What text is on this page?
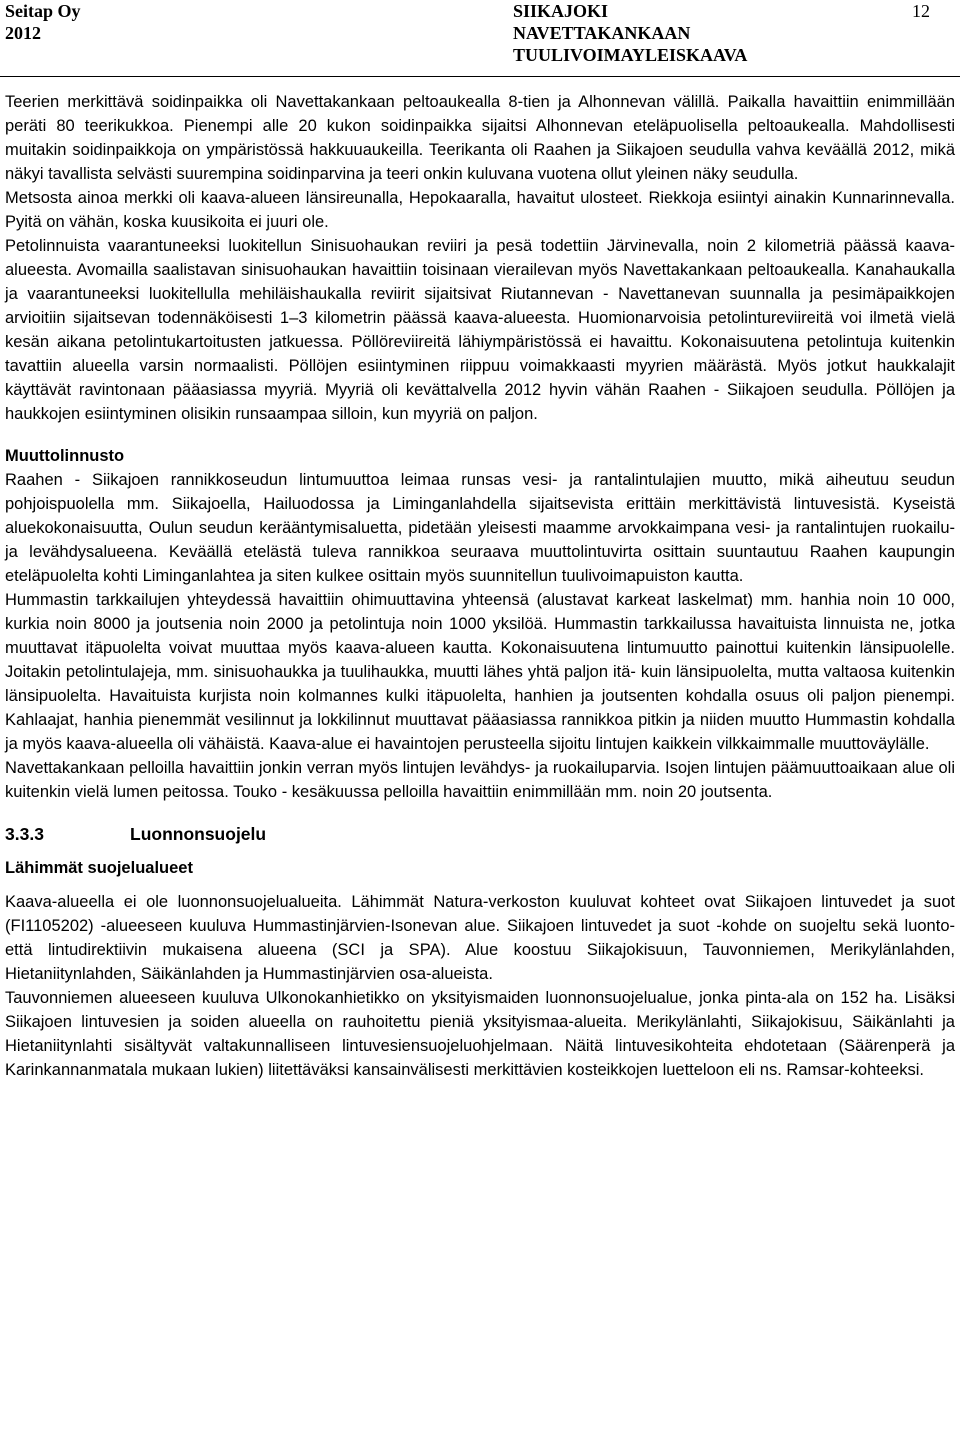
Seitap Oy
2012
SIIKAJOKI
NAVETTAKANKAAN
TUULIVOIMAYLEISKAAVA
12

Teerien merkittävä soidinpaikka oli Navettakankaan peltoaukealla 8-tien ja Alhonnevan välillä. Paikalla havaittiin enimmillään peräti 80 teerikukkoa. Pienempi alle 20 kukon soidinpaikka sijaitsi Alhonnevan eteläpuolisella peltoaukealla. Mahdollisesti muitakin soidinpaikkoja on ympäristössä hakkuuaukeilla. Teerikanta oli Raahen ja Siikajoen seudulla vahva keväällä 2012, mikä näkyi tavallista selvästi suurempina soidinparvina ja teeri onkin kuluvana vuotena ollut yleinen näky seudulla.

Metsosta ainoa merkki oli kaava-alueen länsireunalla, Hepokaaralla, havaitut ulosteet. Riekkoja esiintyi ainakin Kunnarinnevalla. Pyitä on vähän, koska kuusikoita ei juuri ole.

Petolinnuista vaarantuneeksi luokitellun Sinisuohaukan reviiri ja pesä todettiin Järvinevalla, noin 2 kilometriä päässä kaava-alueesta. Avomailla saalistavan sinisuohaukan havaittiin toisinaan vierailevan myös Navettakankaan peltoaukealla. Kanahaukalla ja vaarantuneeksi luokitellulla mehiläishaukalla reviirit sijaitsivat Riutannevan - Navettanevan suunnalla ja pesimäpaikkojen arvioitiin sijaitsevan todennäköisesti 1–3 kilometrin päässä kaava-alueesta. Huomionarvoisia petolintureviireitä voi ilmetä vielä kesän aikana petolintukartoitusten jatkuessa. Pöllöreviireitä lähiympäristössä ei havaittu. Kokonaisuutena petolintuja kuitenkin tavattiin alueella varsin normaalisti. Pöllöjen esiintyminen riippuu voimakkaasti myyrien määrästä. Myös jotkut haukkalajit käyttävät ravintonaan pääasiassa myyriä. Myyriä oli kevättalvella 2012 hyvin vähän Raahen - Siikajoen seudulla. Pöllöjen ja haukkojen esiintyminen olisikin runsaampaa silloin, kun myyriä on paljon.

Muuttolinnusto

Raahen - Siikajoen rannikkoseudun lintumuuttoa leimaa runsas vesi- ja rantalintulajien muutto, mikä aiheutuu seudun pohjoispuolella mm. Siikajoella, Hailuodossa ja Liminganlahdella sijaitsevista erittäin merkittävistä lintuvesistä. Kyseistä aluekokonaisuutta, Oulun seudun kerääntymisaluetta, pidetään yleisesti maamme arvokkaimpana vesi- ja rantalintujen ruokailu- ja levähdysalueena. Keväällä etelästä tuleva rannikkoa seuraava muuttolintuvirta osittain suuntautuu Raahen kaupungin eteläpuolelta kohti Liminganlahtea ja siten kulkee osittain myös suunnitellun tuulivoimapuiston kautta.

Hummastin tarkkailujen yhteydessä havaittiin ohimuuttavina yhteensä (alustavat karkeat laskelmat) mm. hanhia noin 10 000, kurkia noin 8000 ja joutsenia noin 2000 ja petolintuja noin 1000 yksilöä. Hummastin tarkkailussa havaituista linnuista ne, jotka muuttavat itäpuolelta voivat muuttaa myös kaava-alueen kautta. Kokonaisuutena lintumuutto painottui kuitenkin länsipuolelle. Joitakin petolintulajeja, mm. sinisuohaukka ja tuulihaukka, muutti lähes yhtä paljon itä- kuin länsipuolelta, mutta valtaosa kuitenkin länsipuolelta. Havaituista kurjista noin kolmannes kulki itäpuolelta, hanhien ja joutsenten kohdalla osuus oli paljon pienempi. Kahlaajat, hanhia pienemmät vesilinnut ja lokkilinnut muuttavat pääasiassa rannikkoa pitkin ja niiden muutto Hummastin kohdalla ja myös kaava-alueella oli vähäistä. Kaava-alue ei havaintojen perusteella sijoitu lintujen kaikkein vilkkaimmalle muuttoväylälle.

Navettakankaan pelloilla havaittiin jonkin verran myös lintujen levähdys- ja ruokailuparvia. Isojen lintujen päämuuttoaikaan alue oli kuitenkin vielä lumen peitossa. Touko - kesäkuussa pelloilla havaittiin enimmillään mm. noin 20 joutsenta.

3.3.3	Luonnonsuojelu

Lähimmät suojelualueet

Kaava-alueella ei ole luonnonsuojelualueita. Lähimmät Natura-verkoston kuuluvat kohteet ovat Siikajoen lintuvedet ja suot (FI1105202) -alueeseen kuuluva Hummastinjärvien-Isonevan alue. Siikajoen lintuvedet ja suot -kohde on suojeltu sekä luonto- että lintudirektiivin mukaisena alueena (SCI ja SPA). Alue koostuu Siikajokisuun, Tauvonniemen, Merikylänlahden, Hietaniitynlahden, Säikänlahden ja Hummastinjärvien osa-alueista.

Tauvonniemen alueeseen kuuluva Ulkonokanhietikko on yksityismaiden luonnonsuojelualue, jonka pinta-ala on 152 ha. Lisäksi Siikajoen lintuvesien ja soiden alueella on rauhoitettu pieniä yksityismaa-alueita. Merikylänlahti, Siikajokisuu, Säikänlahti ja Hietaniitynlahti sisältyvät valtakunnalliseen lintuvesiensuojeluohjelmaan. Näitä lintuvesikohteita ehdotetaan (Säärenperä ja Karinkannanmatala mukaan lukien) liitettäväksi kansainvälisesti merkittävien kosteikkojen luetteloon eli ns. Ramsar-kohteeksi.
